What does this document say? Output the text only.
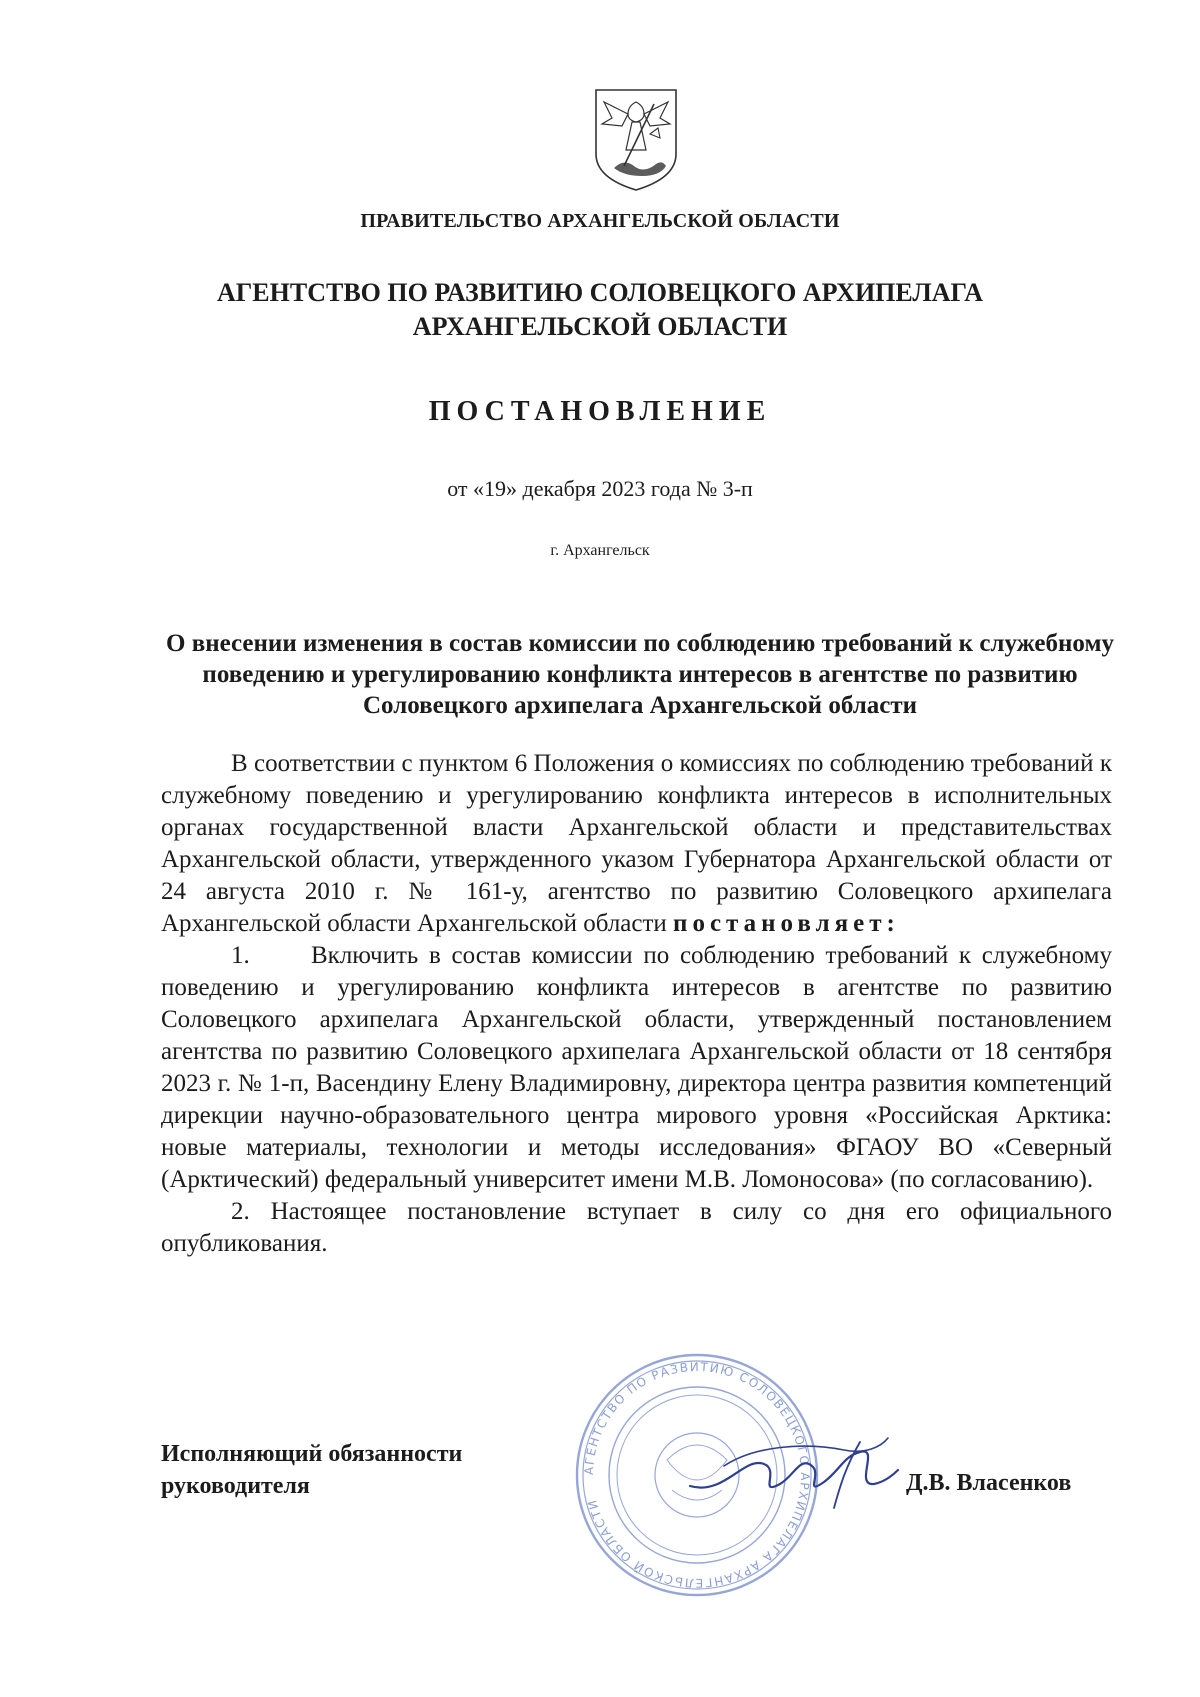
ПРАВИТЕЛЬСТВО АРХАНГЕЛЬСКОЙ ОБЛАСТИ
АГЕНТСТВО ПО РАЗВИТИЮ СОЛОВЕЦКОГО АРХИПЕЛАГА
АРХАНГЕЛЬСКОЙ ОБЛАСТИ
ПОСТАНОВЛЕНИЕ
от «19» декабря 2023 года № 3-п
г. Архангельск
О внесении изменения в состав комиссии по соблюдению требований к служебному поведению и урегулированию конфликта интересов в агентстве по развитию Соловецкого архипелага Архангельской области

В соответствии с пунктом 6 Положения о комиссиях по соблюдению требований к служебному поведению и урегулированию конфликта интересов в исполнительных органах государственной власти Архангельской области и представительствах Архангельской области, утвержденного указом Губернатора Архангельской области от 24 августа 2010 г. № 161-у, агентство по развитию Соловецкого архипелага Архангельской области Архангельской области постановляет:

1. Включить в состав комиссии по соблюдению требований к служебному поведению и урегулированию конфликта интересов в агентстве по развитию Соловецкого архипелага Архангельской области, утвержденный постановлением агентства по развитию Соловецкого архипелага Архангельской области от 18 сентября 2023 г. № 1-п, Васендину Елену Владимировну, директора центра развития компетенций дирекции научно-образовательного центра мирового уровня «Российская Арктика: новые материалы, технологии и методы исследования» ФГАОУ ВО «Северный (Арктический) федеральный университет имени М.В. Ломоносова» (по согласованию).

2. Настоящее постановление вступает в силу со дня его официального опубликования.

АГЕНТСТВО ПО РАЗВИТИЮ СОЛОВЕЦКОГО АРХИПЕЛАГА АРХАНГЕЛЬСКОЙ ОБЛАСТИ
Исполняющий обязанности
руководителя	Д.В. Власенков
